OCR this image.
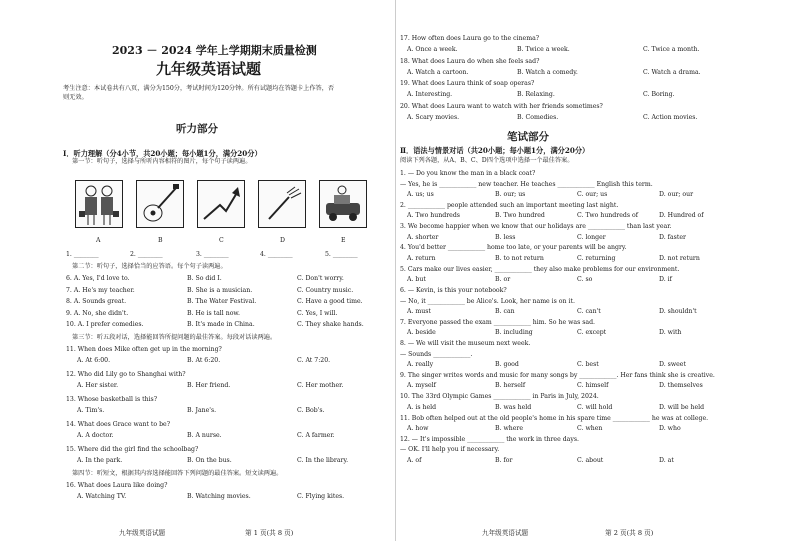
2023 － 2024 学年上学期期末质量检测
九年级英语试题
考生注意：本试卷共有八页，满分为150分，考试时间为120分钟。所有试题均在答题卡上作答，否
则无效。
听力部分
Ⅰ．听力理解（分4小节，共20小题；每小题1分，满分20分）
第一节：听句子，选择与所听内容相符的图片，每个句子读两遍。
A	B	C	D	E
1. ________	2. ________	3. ________	4. ________	5. ________
第二节：听句子，选择恰当的应答语。每个句子读两遍。
第三节：听五段对话，选择能回答所提问题的最佳答案。每段对话读两遍。
第四节：听短文，根据其内容选择能回答下列问题的最佳答案。短文读两遍。
16. What does Laura like doing?
A. Watching TV.	B. Watching movies.	C. Flying kites.
九年级英语试题	第 1 页(共 8 页)
6. A. Yes, I'd love to.	B. So did I.	C. Don't worry.
7. A. He's my teacher.	B. She is a musician.	C. Country music.
8. A. Sounds great.	B. The Water Festival.	C. Have a good time.
9. A. No, she didn't.	B. He is tall now.	C. Yes, I will.
10. A. I prefer comedies.	B. It's made in China.	C. They shake hands.
11. When does Mike often get up in the morning?
A. At 6:00.	B. At 6:20.	C. At 7:20.
12. Who did Lily go to Shanghai with?
A. Her sister.	B. Her friend.	C. Her mother.
13. Whose basketball is this?
A. Tim's.	B. Jane's.	C. Bob's.
14. What does Grace want to be?
A. A doctor.	B. A nurse.	C. A farmer.
15. Where did the girl find the schoolbag?
A. In the park.	B. On the bus.	C. In the library.
笔试部分
Ⅱ．语法与情景对话（共20小题；每小题1分，满分20分）
阅读下列各题，从A、B、C、D四个选项中选择一个最佳答案。
九年级英语试题	第 2 页(共 8 页)
17. How often does Laura go to the cinema?
A. Once a week.	B. Twice a week.	C. Twice a month.
18. What does Laura do when she feels sad?
A. Watch a cartoon.	B. Watch a comedy.	C. Watch a drama.
19. What does Laura think of soap operas?
A. Interesting.	B. Relaxing.	C. Boring.
20. What does Laura want to watch with her friends sometimes?
A. Scary movies.	B. Comedies.	C. Action movies.
1. — Do you know the man in a black coat?
— Yes, he is ____________ new teacher. He teaches ____________ English this term.
A. us; us	B. our; us	C. our; us	D. our; our
2. ____________ people attended such an important meeting last night.
A. Two hundreds	B. Two hundred	C. Two hundreds of	D. Hundred of
3. We become happier when we know that our holidays are ____________ than last year.
A. shorter	B. less	C. longer	D. faster
4. You'd better ____________ home too late, or your parents will be angry.
A. return	B. to not return	C. returning	D. not return
5. Cars make our lives easier, ____________ they also make problems for our environment.
A. but	B. or	C. so	D. if
6. — Kevin, is this your notebook?
— No, it ____________ be Alice's. Look, her name is on it.
A. must	B. can	C. can't	D. shouldn't
7. Everyone passed the exam ____________ him. So he was sad.
A. beside	B. including	C. except	D. with
8. — We will visit the museum next week.
— Sounds ____________.
A. really	B. good	C. best	D. sweet
9. The singer writes words and music for many songs by ____________. Her fans think she is creative.
A. myself	B. herself	C. himself	D. themselves
10. The 33rd Olympic Games ____________ in Paris in July, 2024.
A. is held	B. was held	C. will hold	D. will be held
11. Bob often helped out at the old people's home in his spare time ____________ he was at college.
A. how	B. where	C. when	D. who
12. — It's impossible ____________ the work in three days.
— OK. I'll help you if necessary.
A. of	B. for	C. about	D. at
